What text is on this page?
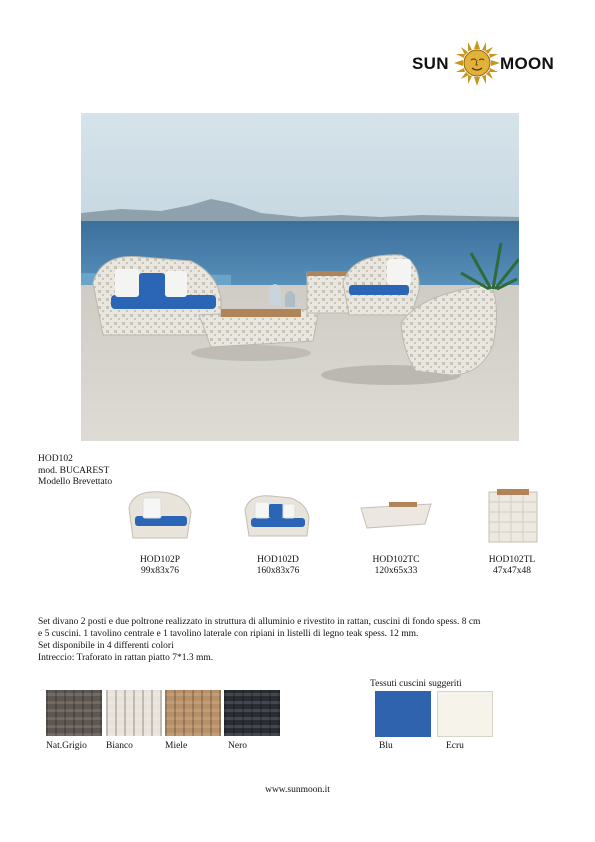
SUN	MOON
HOD102
mod. BUCAREST
Modello Brevettato
HOD102P
99x83x76
HOD102D
160x83x76
HOD102TC
120x65x33
HOD102TL
47x47x48
Set divano 2 posti e due poltrone realizzato in struttura di alluminio e rivestito in rattan, cuscini di fondo spess. 8 cm
e 5 cuscini. 1 tavolino centrale e 1 tavolino laterale con ripiani in listelli di legno teak spess. 12 mm.
Set disponibile in 4 differenti colori
Intreccio: Traforato in rattan piatto 7*1.3 mm.
Nat.Grigio Bianco	Miele	Nero
Tessuti cuscini suggeriti
Blu	Ecru
www.sunmoon.it
